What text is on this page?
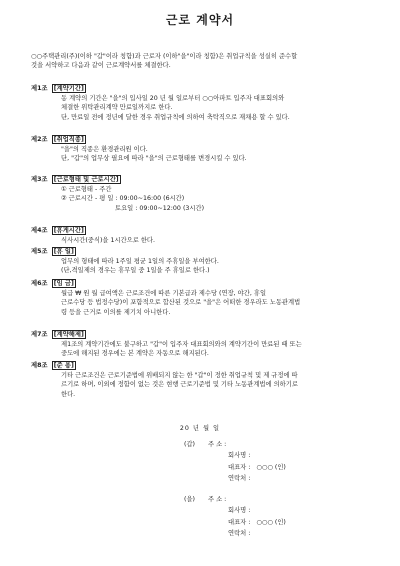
근로 계약서
○○주택관리(주)(이하 "갑"이라 칭함)과 근로자 (이하"을"이라 칭함)은 취업규칙을 성실히 준수할
것을 서약하고 다음과 같이 근로계약서를 체결한다.
제1조 [계약기간]
동 계약의 기간은 "을"의 입사일 20 년 월 일로부터 ○○아파트 입주자 대표회의와
체결한 위탁관리계약 만료일까지로 한다.
단, 만료일 전에 정년에 달한 경우 취업규칙에 의하여 축탁직으로 재채용 할 수 있다.
제2조 [취업직종]
"을"의 직종은 환경관리원 이다.
단, "갑"의 업무상 필요에 따라 "을"의 근로형태를 변경시킬 수 있다.
제3조 [근로형태 및 근로시간]
① 근로형태 - 주간
② 근로시간 - 평 일 : 09:00~16:00 (6시간)
토요일 : 09:00~12:00 (3시간)
제4조 [휴게시간]
식사시간(중식)을 1시간으로 한다.
제5조 [휴 일]
업무의 형태에 따라 1주일 평균 1일의 주휴일을 부여한다.
(단,격일제의 경우는 휴무일 중 1일을 주 휴일로 한다.)
제6조 [임 금]
월급 ₩ 원 월 급여액은 근로조건에 따른 기본급과 제수당 (연장, 야간, 휴일
근로수당 등 법정수당)이 포함적으로 합산된 것으로 "을"은 어떠한 경우라도 노동관계법
령 등을 근거로 이의를 제기치 아니한다.
제7조 [계약해제]
제1조의 계약기간에도 불구하고 "갑"이 입주자 대표회의와의 계약기간이 만료된 때 또는
중도에 해지된 경우에는 본 계약은 자동으로 해지된다.
제8조 [준 용]
기타 근로조건은 근로기준법에 위배되지 않는 한 "갑"이 정한 취업규칙 및 제 규정에 따
르기로 하며, 이외에 정함이 없는 것은 현행 근로기준법 및 기타 노동관계법에 의하기로
한다.
20 년 월 일
(갑) 주 소 :
회사명 :
대표자 : ○○○ (인)
연락처 :
(을) 주 소 :
회사명 :
대표자 : ○○○ (인)
연락처 :
